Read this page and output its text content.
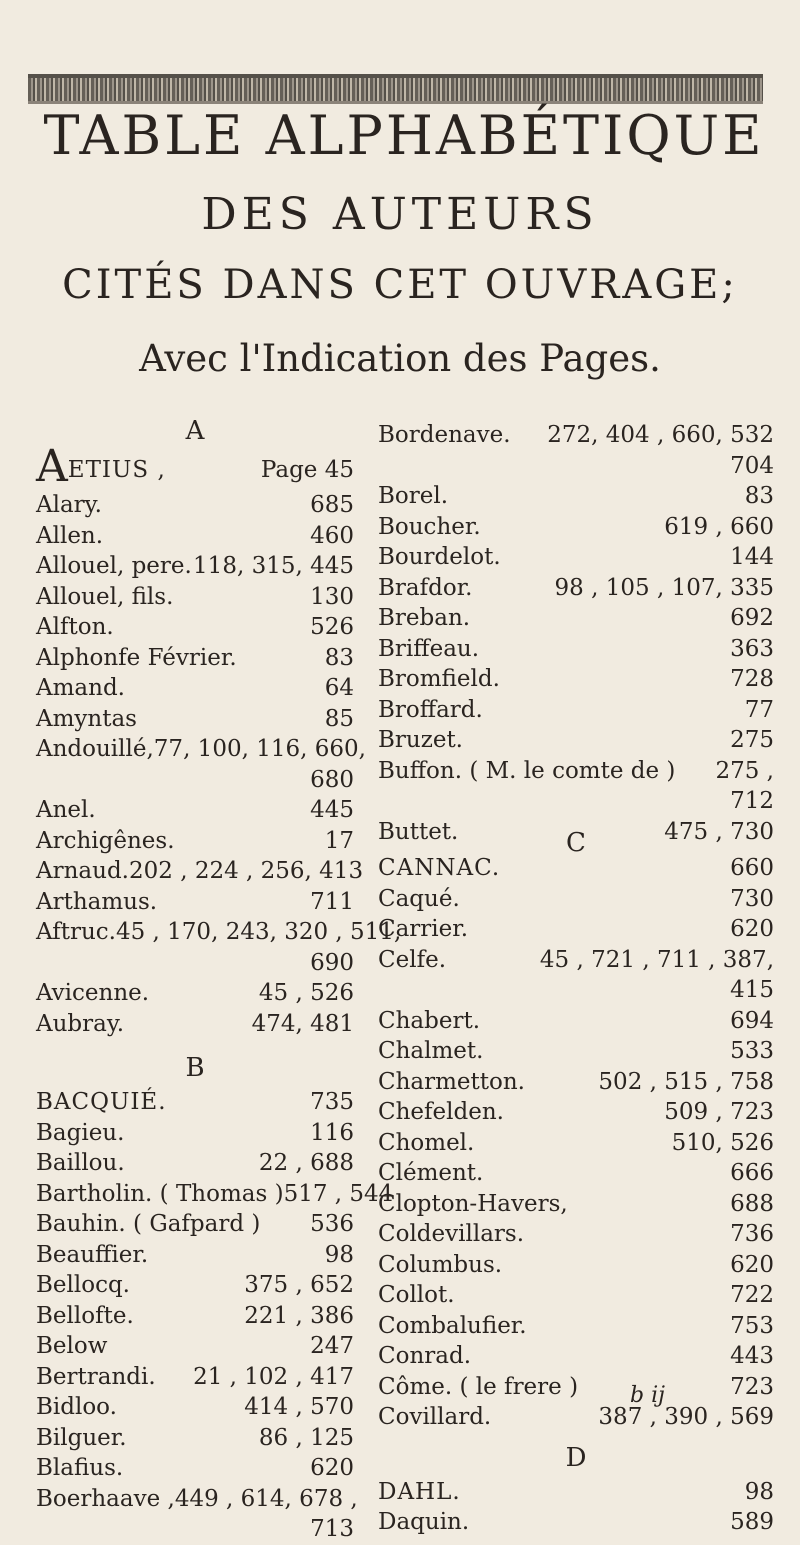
TABLE ALPHABÉTIQUE
DES AUTEURS
CITÉS DANS CET OUVRAGE;
Avec l'Indication des Pages.
A
AETIUS ,	Page 45
Alary.	685
Allen.	460
Allouel, pere. 118, 315, 445
Allouel, fils.	130
Alfton.	526
Alphonfe Février.	83
Amand.	64
Amyntas	85
Andouillé, 77, 100, 116, 660,
680
Anel.	445
Archigênes.	17
Arnaud. 202 , 224 , 256, 413
Arthamus.	711
Aftruc. 45 , 170, 243, 320 , 511,
690
Avicenne.	45 , 526
Aubray.	474, 481
B
BACQUIÉ.	735
Bagieu.	116
Baillou.	22 , 688
Bartholin. ( Thomas ) 517 , 544
Bauhin. ( Gafpard ) 536
Beauffier.	98
Bellocq.	375 , 652
Bellofte.	221 , 386
Below	247
Bertrandi. 21 , 102 , 417
Bidloo.	414 , 570
Bilguer.	86 , 125
Blafius.	620
Boerhaave , 449 , 614, 678 ,
713
Bordenave. 272, 404 , 660, 532
704
Borel.	83
Boucher.	619 , 660
Bourdelot.	144
Brafdor.	98 , 105 , 107, 335
Breban.	692
Briffeau.	363
Bromfield.	728
Broffard.	77
Bruzet.	275
Buffon. ( M. le comte de ) 275 ,
712
Buttet.	475 , 730
C
CANNAC.	660
Caqué.	730
Carrier.	620
Celfe.	45 , 721 , 711 , 387,
415
Chabert.	694
Chalmet.	533
Charmetton.	502 , 515 , 758
Chefelden.	509 , 723
Chomel.	510, 526
Clément.	666
Clopton-Havers,	688
Coldevillars.	736
Columbus.	620
Collot.	722
Combalufier.	753
Conrad.	443
Côme. ( le frere )	723
Covillard.	387 , 390 , 569
D
DAHL.	98
Daquin.	589
b ij
